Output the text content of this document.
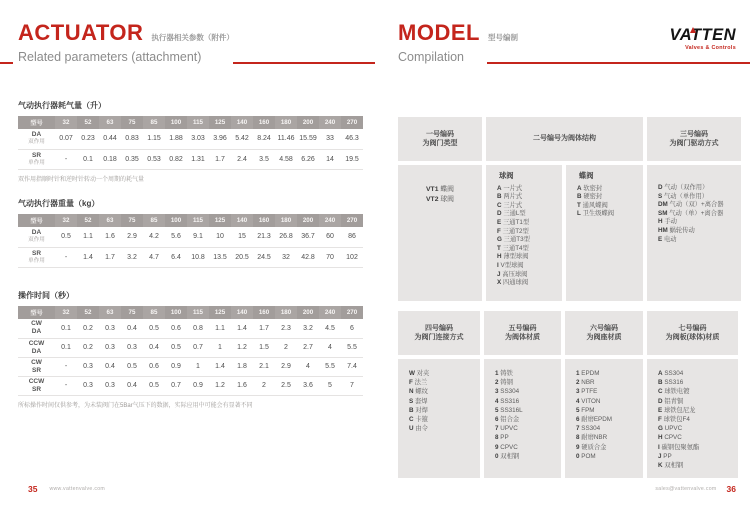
ACTUATOR 执行器相关参数（附件）
Related parameters (attachment)
气动执行器耗气量（升）
型号	32	52	63	75	85	100	115	125	140	160	180	200	240	270

DA
双作用	0.07	0.23	0.44	0.83	1.15	1.88	3.03	3.96	5.42	8.24	11.46	15.59	33	46.3

SR
单作用	-	0.1	0.18	0.35	0.53	0.82	1.31	1.7	2.4	3.5	4.58	6.26	14	19.5

双作用指顺时针和逆时针转动一个周期的耗气量

气动执行器重量（kg）
型号	32	52	63	75	85	100	115	125	140	160	180	200	240	270

DA
双作用	0.5	1.1	1.6	2.9	4.2	5.6	9.1	10	15	21.3	26.8	36.7	60	86

SR
单作用	-	1.4	1.7	3.2	4.7	6.4	10.8	13.5	20.5	24.5	32	42.8	70	102
操作时间（秒）
型号	32	52	63	75	85	100	115	125	140	160	180	200	240	270

CW
DA	0.1	0.2	0.3	0.4	0.5	0.6	0.8	1.1	1.4	1.7	2.3	3.2	4.5	6

CCW
DA	0.1	0.2	0.3	0.3	0.4	0.5	0.7	1	1.2	1.5	2	2.7	4	5.5

CW
SR	-	0.3	0.4	0.5	0.6	0.9	1	1.4	1.8	2.1	2.9	4	5.5	7.4

CCW
SR	-	0.3	0.3	0.4	0.5	0.7	0.9	1.2	1.6	2	2.5	3.6	5	7

所标操作时间仅供参考，为未装阀门在5Bar气压下的数据，实际应用中可能会有显著不同

35 www.vattenvalve.com
MODEL 型号编制
Compilation
VATTEN
Valves & Controls
一号编码
为阀门类型
二号编号为阀体结构
三号编码
为阀门驱动方式
VT1 蝶阀
VT2 球阀
球阀
A 一片式
B 两片式
C 三片式
D 三通L型
E 三通T1型
F 三通T2型
G 三通T3型
T 三通T4型
H 薄型球阀
I V型球阀
J 高压球阀
X 四通球阀
蝶阀
A 软密封
B 硬密封
T 通风蝶阀
L 卫生级蝶阀
D 气动（双作用）
S 气动（单作用）
DM 气动（双）+离合器
SM 气动（单）+离合器
H 手动
HM 蜗轮传动
E 电动
四号编码
为阀门连接方式
五号编码
为阀体材质
六号编码
为阀座材质
七号编码
为阀板(球体)材质
W 对夹
F 法兰
N 螺纹
S 套焊
B 对焊
C 卡箍
U 由令
1 铸铁
2 铸钢
3 SS304
4 SS316
5 SS316L
6 铝合金
7 UPVC
8 PP
9 CPVC
0 双相钢
1 EPDM
2 NBR
3 PTFE
4 VITON
5 FPM
6 耐磨EPDM
7 SS304
8 耐磨NBR
9 硬质合金
0 POM
A SS304
B SS316
C 球铁电镀
D 铝青铜
E 球铁包尼龙
F 球铁包F4
G UPVC
H CPVC
I 碳钢包聚氨酯
J PP
K 双相钢
sales@vattenvalve.com 36
